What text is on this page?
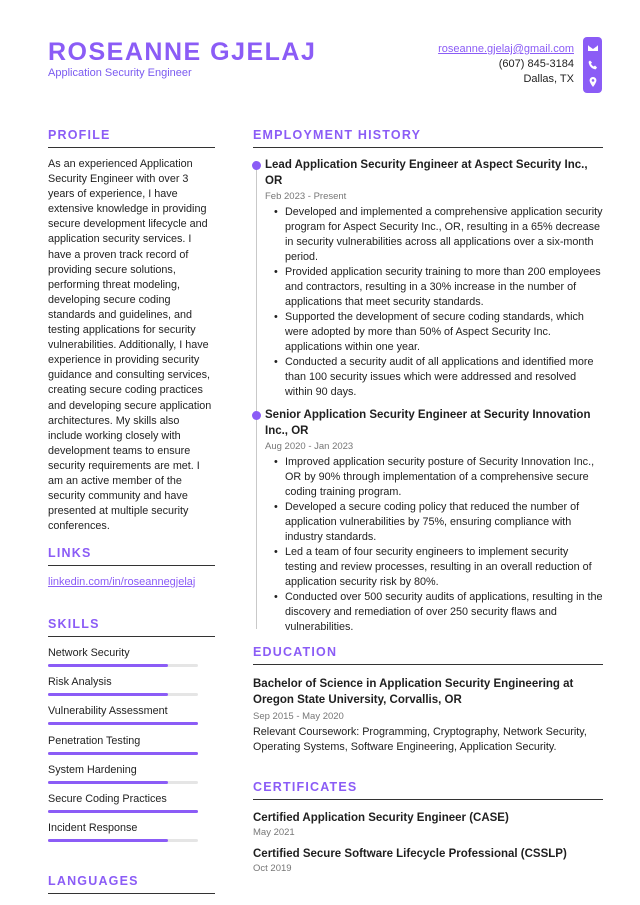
ROSEANNE GJELAJ
Application Security Engineer
roseanne.gjelaj@gmail.com
(607) 845-3184
Dallas, TX
PROFILE
As an experienced Application Security Engineer with over 3 years of experience, I have extensive knowledge in providing secure development lifecycle and application security services. I have a proven track record of providing secure solutions, performing threat modeling, developing secure coding standards and guidelines, and testing applications for security vulnerabilities. Additionally, I have experience in providing security guidance and consulting services, creating secure coding practices and developing secure application architectures. My skills also include working closely with development teams to ensure security requirements are met. I am an active member of the security community and have presented at multiple security conferences.
LINKS
linkedin.com/in/roseannegjelaj
SKILLS
Network Security
Risk Analysis
Vulnerability Assessment
Penetration Testing
System Hardening
Secure Coding Practices
Incident Response
LANGUAGES
EMPLOYMENT HISTORY
Lead Application Security Engineer at Aspect Security Inc., OR
Feb 2023 - Present
• Developed and implemented a comprehensive application security program for Aspect Security Inc., OR, resulting in a 65% decrease in security vulnerabilities across all applications over a six-month period.
• Provided application security training to more than 200 employees and contractors, resulting in a 30% increase in the number of applications that meet security standards.
• Supported the development of secure coding standards, which were adopted by more than 50% of Aspect Security Inc. applications within one year.
• Conducted a security audit of all applications and identified more than 100 security issues which were addressed and resolved within 90 days.
Senior Application Security Engineer at Security Innovation Inc., OR
Aug 2020 - Jan 2023
• Improved application security posture of Security Innovation Inc., OR by 90% through implementation of a comprehensive secure coding training program.
• Developed a secure coding policy that reduced the number of application vulnerabilities by 75%, ensuring compliance with industry standards.
• Led a team of four security engineers to implement security testing and review processes, resulting in an overall reduction of application security risk by 80%.
• Conducted over 500 security audits of applications, resulting in the discovery and remediation of over 250 security flaws and vulnerabilities.
EDUCATION
Bachelor of Science in Application Security Engineering at Oregon State University, Corvallis, OR
Sep 2015 - May 2020
Relevant Coursework: Programming, Cryptography, Network Security, Operating Systems, Software Engineering, Application Security.
CERTIFICATES
Certified Application Security Engineer (CASE)
May 2021
Certified Secure Software Lifecycle Professional (CSSLP)
Oct 2019
